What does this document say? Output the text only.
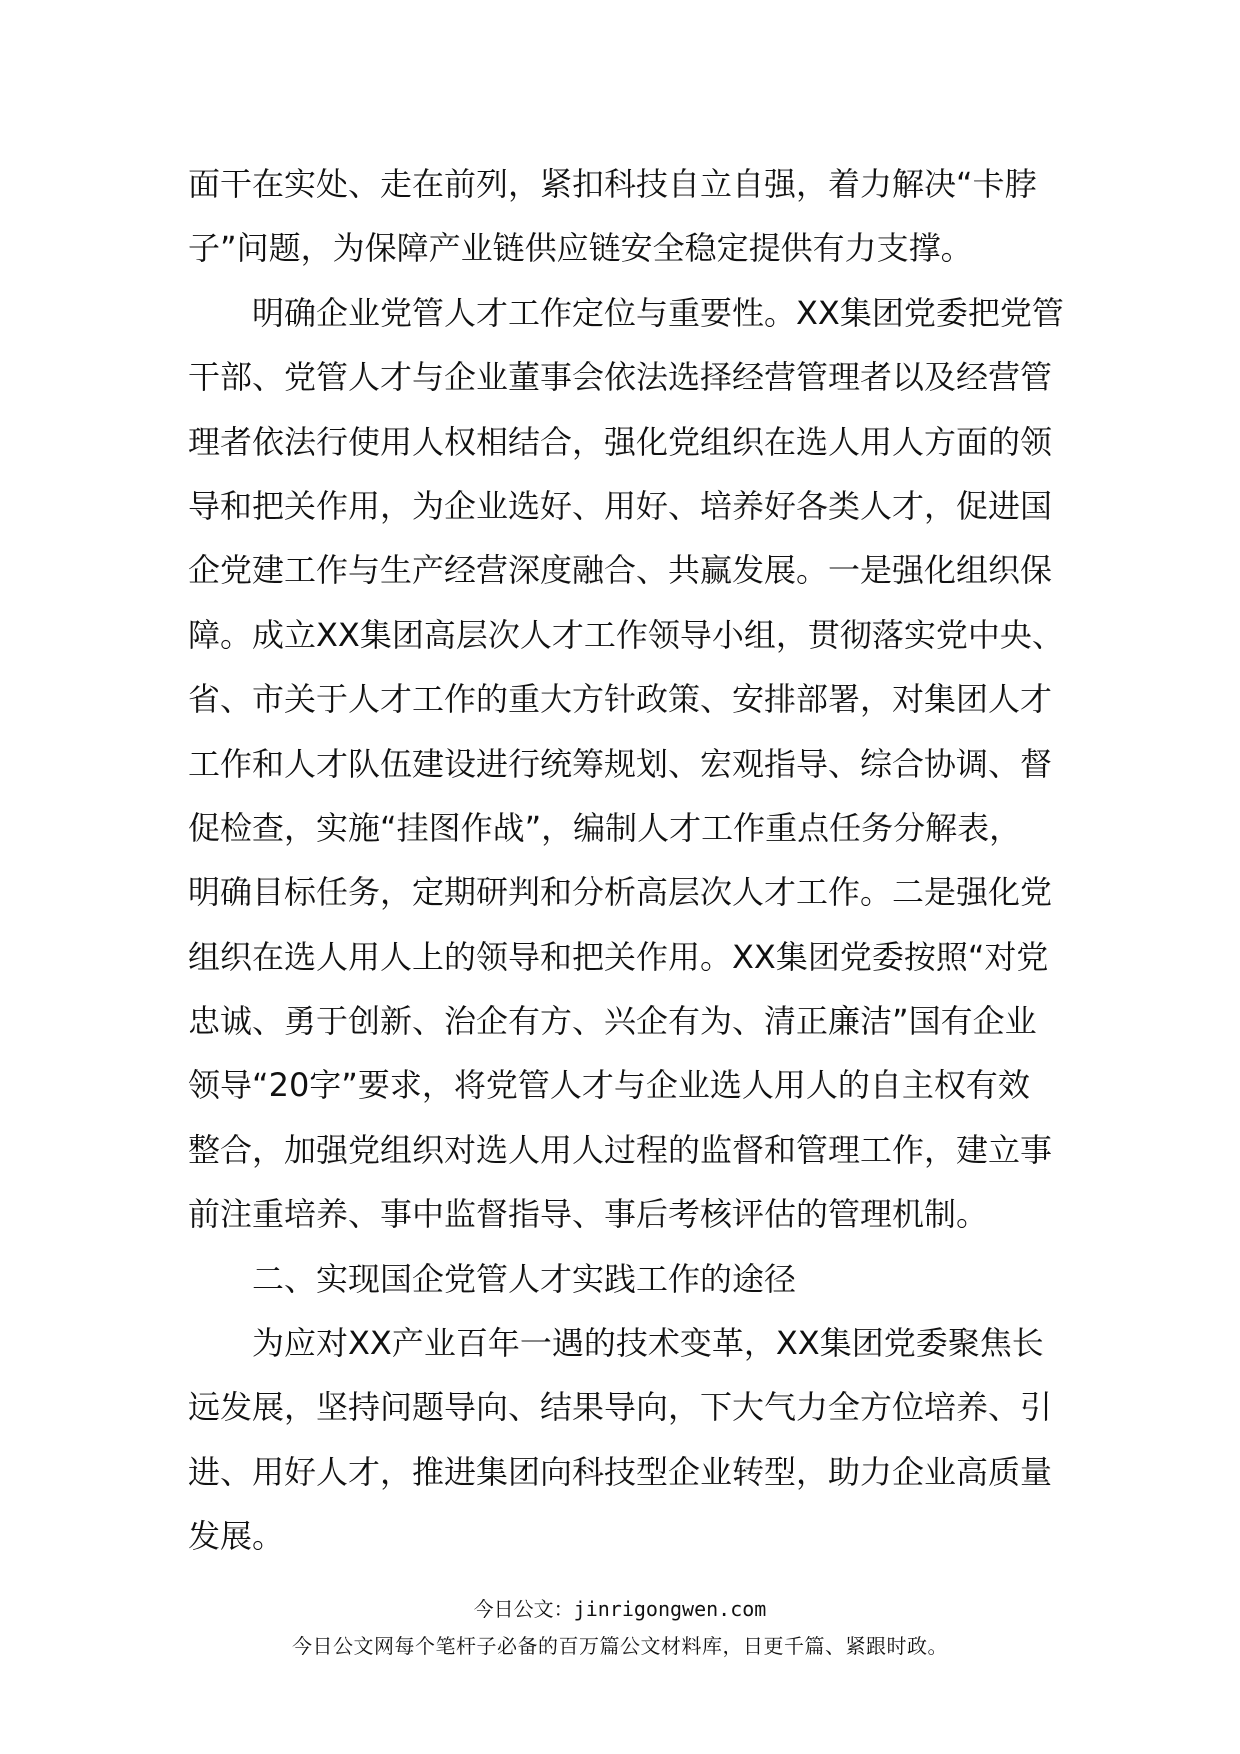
面干在实处、走在前列，紧扣科技自立自强，着力解决“卡脖
子”问题，为保障产业链供应链安全稳定提供有力支撑。
明确企业党管人才工作定位与重要性。XX集团党委把党管
干部、党管人才与企业董事会依法选择经营管理者以及经营管
理者依法行使用人权相结合，强化党组织在选人用人方面的领
导和把关作用，为企业选好、用好、培养好各类人才，促进国
企党建工作与生产经营深度融合、共赢发展。一是强化组织保
障。成立XX集团高层次人才工作领导小组，贯彻落实党中央、
省、市关于人才工作的重大方针政策、安排部署，对集团人才
工作和人才队伍建设进行统筹规划、宏观指导、综合协调、督
促检查，实施“挂图作战”，编制人才工作重点任务分解表，
明确目标任务，定期研判和分析高层次人才工作。二是强化党
组织在选人用人上的领导和把关作用。XX集团党委按照“对党
忠诚、勇于创新、治企有方、兴企有为、清正廉洁”国有企业
领导“20字”要求，将党管人才与企业选人用人的自主权有效
整合，加强党组织对选人用人过程的监督和管理工作，建立事
前注重培养、事中监督指导、事后考核评估的管理机制。
二、实现国企党管人才实践工作的途径
为应对XX产业百年一遇的技术变革，XX集团党委聚焦长
远发展，坚持问题导向、结果导向，下大气力全方位培养、引
进、用好人才，推进集团向科技型企业转型，助力企业高质量
发展。
今日公文：jinrigongwen.com
今日公文网每个笔杆子必备的百万篇公文材料库，日更千篇、紧跟时政。
